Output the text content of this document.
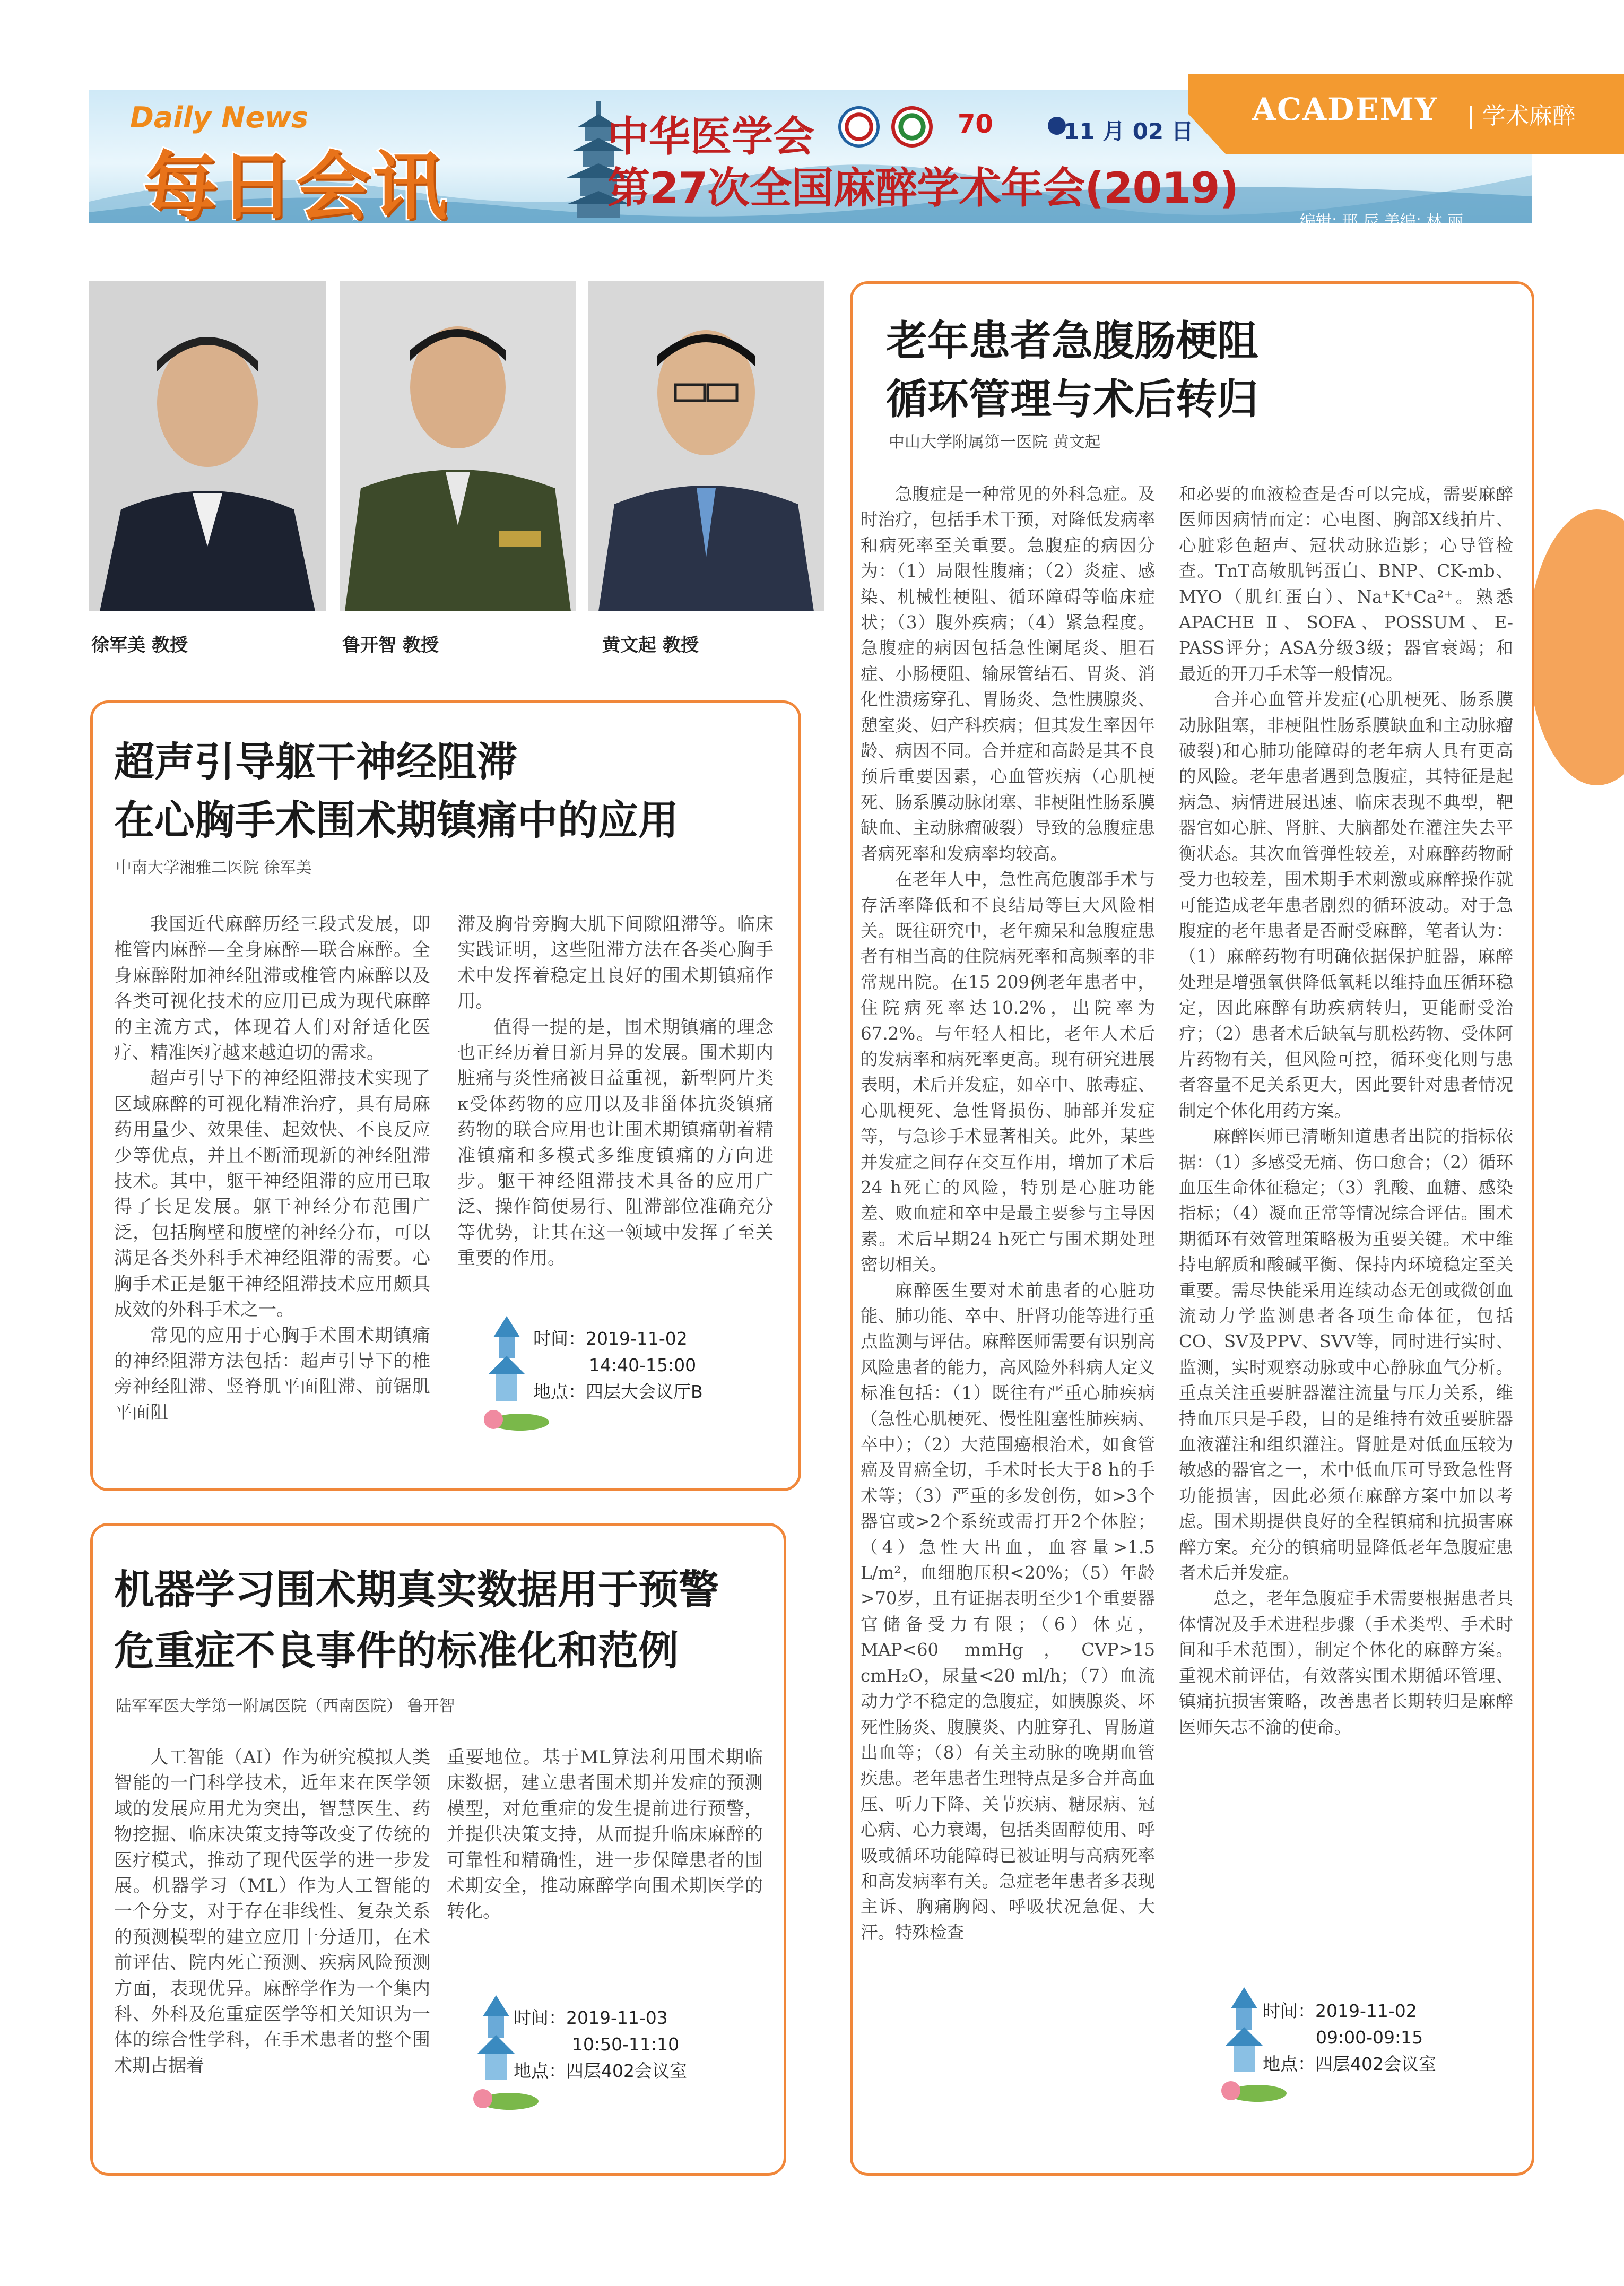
15
Daily News
每日会讯
中华医学会
第27次全国麻醉学术年会(2019)
70	11 月 02 日
ACADEMY | 学术麻醉
编辑: 邢 辰 美编: 林 丽
徐军美 教授	鲁开智 教授	黄文起 教授
超声引导躯干神经阻滞
在心胸手术围术期镇痛中的应用
中南大学湘雅二医院 徐军美

我国近代麻醉历经三段式发展，即椎管内麻醉—全身麻醉—联合麻醉。全身麻醉附加神经阻滞或椎管内麻醉以及各类可视化技术的应用已成为现代麻醉的主流方式，体现着人们对舒适化医疗、精准医疗越来越迫切的需求。

超声引导下的神经阻滞技术实现了区域麻醉的可视化精准治疗，具有局麻药用量少、效果佳、起效快、不良反应少等优点，并且不断涌现新的神经阻滞技术。其中，躯干神经阻滞的应用已取得了长足发展。躯干神经分布范围广泛，包括胸壁和腹壁的神经分布，可以满足各类外科手术神经阻滞的需要。心胸手术正是躯干神经阻滞技术应用颇具成效的外科手术之一。

常见的应用于心胸手术围术期镇痛的神经阻滞方法包括：超声引导下的椎旁神经阻滞、竖脊肌平面阻滞、前锯肌平面阻

滞及胸骨旁胸大肌下间隙阻滞等。临床实践证明，这些阻滞方法在各类心胸手术中发挥着稳定且良好的围术期镇痛作用。

值得一提的是，围术期镇痛的理念也正经历着日新月异的发展。围术期内脏痛与炎性痛被日益重视，新型阿片类κ受体药物的应用以及非甾体抗炎镇痛药物的联合应用也让围术期镇痛朝着精准镇痛和多模式多维度镇痛的方向进步。躯干神经阻滞技术具备的应用广泛、操作简便易行、阻滞部位准确充分等优势，让其在这一领域中发挥了至关重要的作用。

时间：2019-11-02
14:40-15:00
地点：四层大会议厅B
机器学习围术期真实数据用于预警
危重症不良事件的标准化和范例
陆军军医大学第一附属医院（西南医院） 鲁开智

人工智能（AI）作为研究模拟人类智能的一门科学技术，近年来在医学领域的发展应用尤为突出，智慧医生、药物挖掘、临床决策支持等改变了传统的医疗模式，推动了现代医学的进一步发展。机器学习（ML）作为人工智能的一个分支，对于存在非线性、复杂关系的预测模型的建立应用十分适用，在术前评估、院内死亡预测、疾病风险预测方面，表现优异。麻醉学作为一个集内科、外科及危重症医学等相关知识为一体的综合性学科，在手术患者的整个围术期占据着

重要地位。基于ML算法利用围术期临床数据，建立患者围术期并发症的预测模型，对危重症的发生提前进行预警，并提供决策支持，从而提升临床麻醉的可靠性和精确性，进一步保障患者的围术期安全，推动麻醉学向围术期医学的转化。

时间：2019-11-03
10:50-11:10
地点：四层402会议室
老年患者急腹肠梗阻
循环管理与术后转归
中山大学附属第一医院 黄文起

急腹症是一种常见的外科急症。及时治疗，包括手术干预，对降低发病率和病死率至关重要。急腹症的病因分为：（1）局限性腹痛；（2）炎症、感染、机械性梗阻、循环障碍等临床症状；（3）腹外疾病；（4）紧急程度。急腹症的病因包括急性阑尾炎、胆石症、小肠梗阻、输尿管结石、胃炎、消化性溃疡穿孔、胃肠炎、急性胰腺炎、憩室炎、妇产科疾病；但其发生率因年龄、病因不同。合并症和高龄是其不良预后重要因素，心血管疾病（心肌梗死、肠系膜动脉闭塞、非梗阻性肠系膜缺血、主动脉瘤破裂）导致的急腹症患者病死率和发病率均较高。

在老年人中，急性高危腹部手术与存活率降低和不良结局等巨大风险相关。既往研究中，老年痴呆和急腹症患者有相当高的住院病死率和高频率的非常规出院。在15 209例老年患者中，住院病死率达10.2%，出院率为67.2%。与年轻人相比，老年人术后的发病率和病死率更高。现有研究进展表明，术后并发症，如卒中、脓毒症、心肌梗死、急性肾损伤、肺部并发症等，与急诊手术显著相关。此外，某些并发症之间存在交互作用，增加了术后24 h死亡的风险，特别是心脏功能差、败血症和卒中是最主要参与主导因素。术后早期24 h死亡与围术期处理密切相关。

麻醉医生要对术前患者的心脏功能、肺功能、卒中、肝肾功能等进行重点监测与评估。麻醉医师需要有识别高风险患者的能力，高风险外科病人定义标准包括：（1）既往有严重心肺疾病（急性心肌梗死、慢性阻塞性肺疾病、卒中）；（2）大范围癌根治术，如食管癌及胃癌全切，手术时长大于8 h的手术等；（3）严重的多发创伤，如>3个器官或>2个系统或需打开2个体腔；（4）急性大出血，血容量>1.5 L/m²，血细胞压积<20%；（5）年龄>70岁，且有证据表明至少1个重要器官储备受力有限；（6）休克，MAP<60 mmHg，CVP>15 cmH₂O，尿量<20 ml/h；（7）血流动力学不稳定的急腹症，如胰腺炎、坏死性肠炎、腹膜炎、内脏穿孔、胃肠道出血等；（8）有关主动脉的晚期血管疾患。老年患者生理特点是多合并高血压、听力下降、关节疾病、糖尿病、冠心病、心力衰竭，包括类固醇使用、呼吸或循环功能障碍已被证明与高病死率和高发病率有关。急症老年患者多表现主诉、胸痛胸闷、呼吸状况急促、大汗。特殊检查

和必要的血液检查是否可以完成，需要麻醉医师因病情而定：心电图、胸部X线拍片、心脏彩色超声、冠状动脉造影；心导管检查。TnT高敏肌钙蛋白、BNP、CK-mb、MYO（肌红蛋白）、Na⁺K⁺Ca²⁺。熟悉APACHE Ⅱ、SOFA、POSSUM、E-PASS评分；ASA分级3级；器官衰竭；和最近的开刀手术等一般情况。

合并心血管并发症(心肌梗死、肠系膜动脉阻塞，非梗阻性肠系膜缺血和主动脉瘤破裂)和心肺功能障碍的老年病人具有更高的风险。老年患者遇到急腹症，其特征是起病急、病情进展迅速、临床表现不典型，靶器官如心脏、肾脏、大脑都处在灌注失去平衡状态。其次血管弹性较差，对麻醉药物耐受力也较差，围术期手术刺激或麻醉操作就可能造成老年患者剧烈的循环波动。对于急腹症的老年患者是否耐受麻醉，笔者认为：（1）麻醉药物有明确依据保护脏器，麻醉处理是增强氧供降低氧耗以维持血压循环稳定，因此麻醉有助疾病转归，更能耐受治疗；（2）患者术后缺氧与肌松药物、受体阿片药物有关，但风险可控，循环变化则与患者容量不足关系更大，因此要针对患者情况制定个体化用药方案。

麻醉医师已清晰知道患者出院的指标依据：（1）多感受无痛、伤口愈合；（2）循环血压生命体征稳定；（3）乳酸、血糖、感染指标；（4）凝血正常等情况综合评估。围术期循环有效管理策略极为重要关键。术中维持电解质和酸碱平衡、保持内环境稳定至关重要。需尽快能采用连续动态无创或微创血流动力学监测患者各项生命体征，包括CO、SV及PPV、SVV等，同时进行实时、监测，实时观察动脉或中心静脉血气分析。重点关注重要脏器灌注流量与压力关系，维持血压只是手段，目的是维持有效重要脏器血液灌注和组织灌注。肾脏是对低血压较为敏感的器官之一，术中低血压可导致急性肾功能损害，因此必须在麻醉方案中加以考虑。围术期提供良好的全程镇痛和抗损害麻醉方案。充分的镇痛明显降低老年急腹症患者术后并发症。

总之，老年急腹症手术需要根据患者具体情况及手术进程步骤（手术类型、手术时间和手术范围），制定个体化的麻醉方案。重视术前评估，有效落实围术期循环管理、镇痛抗损害策略，改善患者长期转归是麻醉医师矢志不渝的使命。

时间：2019-11-02
09:00-09:15
地点：四层402会议室
